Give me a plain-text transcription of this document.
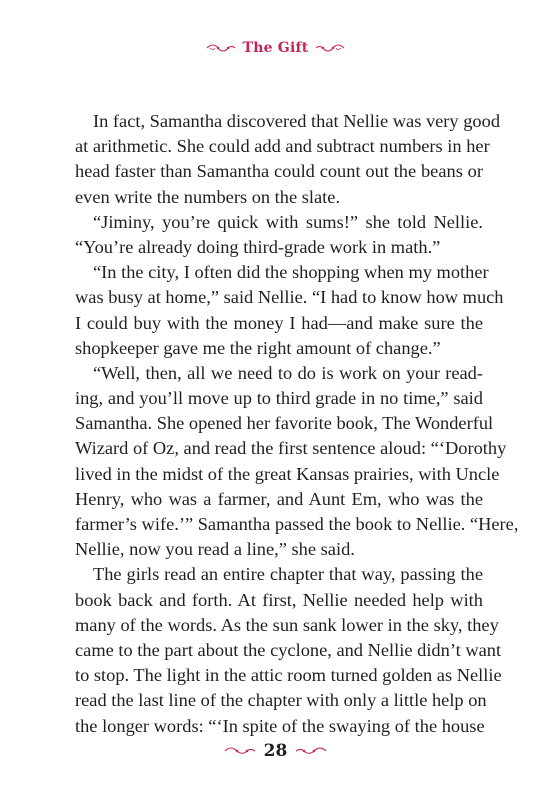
The Gift
In fact, Samantha discovered that Nellie was very good
at arithmetic. She could add and subtract numbers in her
head faster than Samantha could count out the beans or
even write the numbers on the slate.
“Jiminy, you’re quick with sums!” she told Nellie.
“You’re already doing third-grade work in math.”
“In the city, I often did the shopping when my mother
was busy at home,” said Nellie. “I had to know how much
I could buy with the money I had—and make sure the
shopkeeper gave me the right amount of change.”
“Well, then, all we need to do is work on your read-
ing, and you’ll move up to third grade in no time,” said
Samantha. She opened her favorite book, The Wonderful
Wizard of Oz, and read the first sentence aloud: “‘Dorothy
lived in the midst of the great Kansas prairies, with Uncle
Henry, who was a farmer, and Aunt Em, who was the
farmer’s wife.’” Samantha passed the book to Nellie. “Here,
Nellie, now you read a line,” she said.
The girls read an entire chapter that way, passing the
book back and forth. At first, Nellie needed help with
many of the words. As the sun sank lower in the sky, they
came to the part about the cyclone, and Nellie didn’t want
to stop. The light in the attic room turned golden as Nellie
read the last line of the chapter with only a little help on
the longer words: “‘In spite of the swaying of the house
28
